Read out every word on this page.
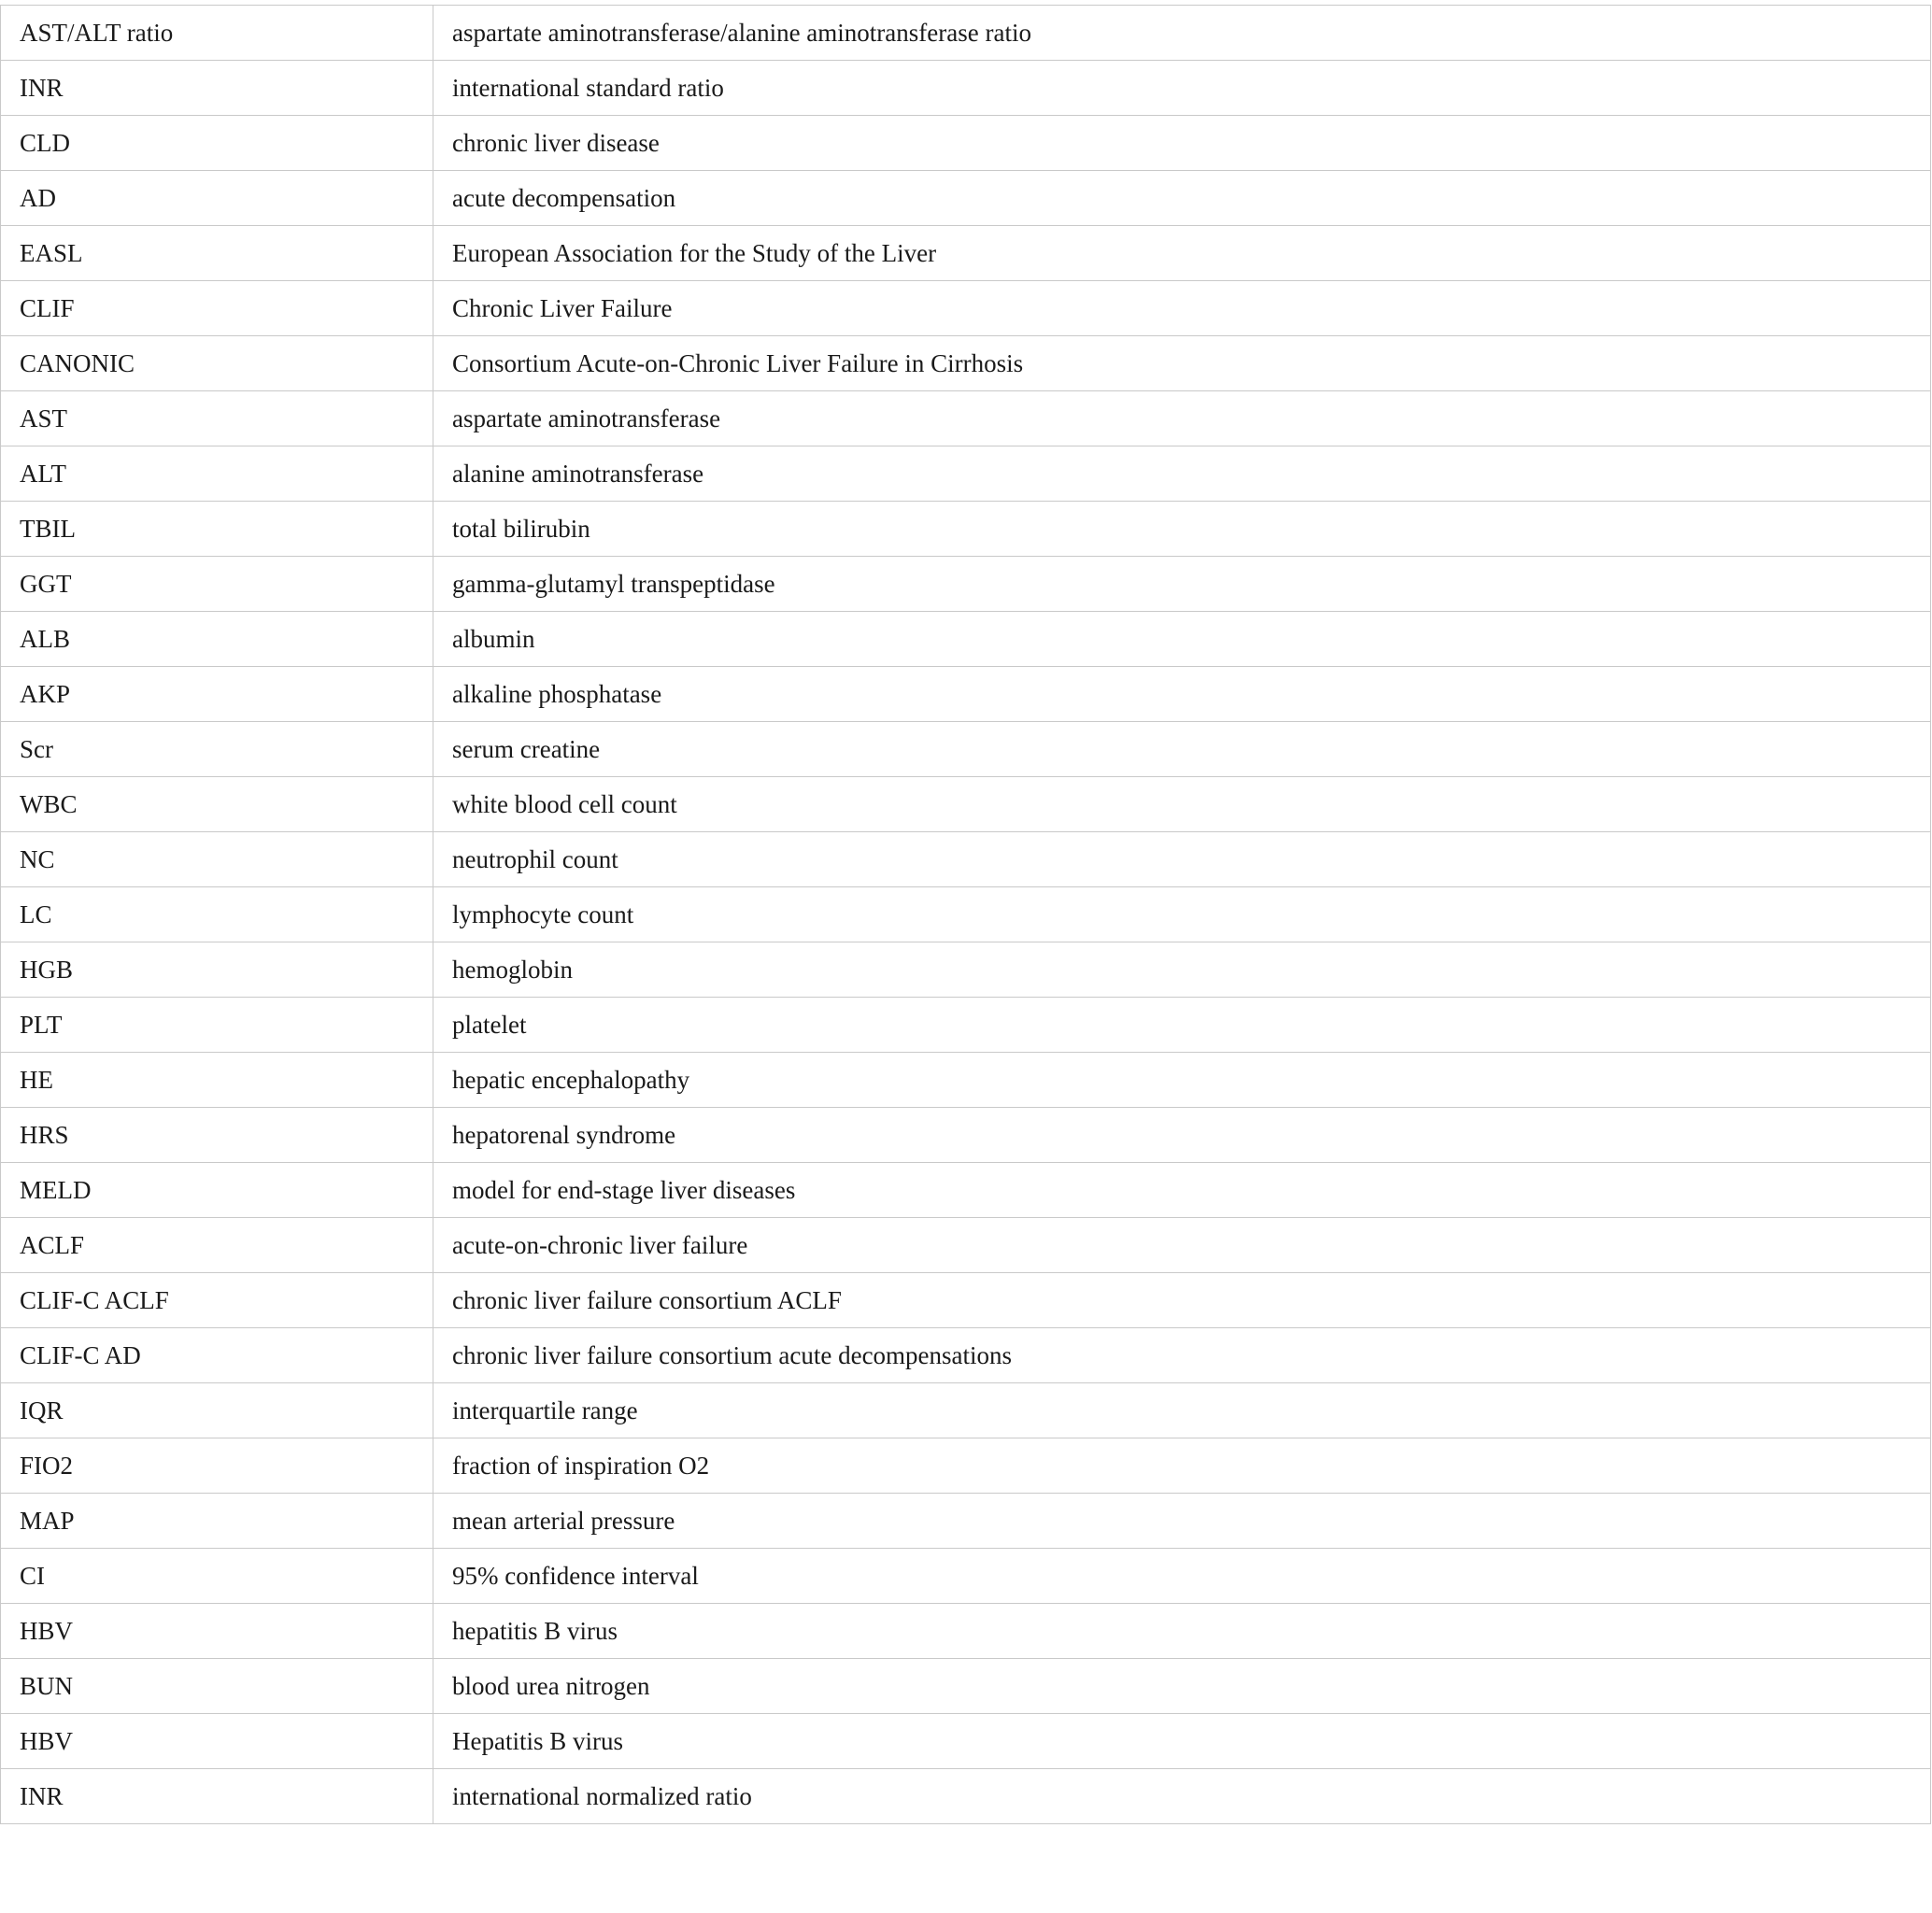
AST/ALT ratio	aspartate aminotransferase/alanine aminotransferase ratio
INR	international standard ratio
CLD	chronic liver disease
AD	acute decompensation
EASL	European Association for the Study of the Liver
CLIF	Chronic Liver Failure
CANONIC	Consortium Acute-on-Chronic Liver Failure in Cirrhosis
AST	aspartate aminotransferase
ALT	alanine aminotransferase
TBIL	total bilirubin
GGT	gamma-glutamyl transpeptidase
ALB	albumin
AKP	alkaline phosphatase
Scr	serum creatine
WBC	white blood cell count
NC	neutrophil count
LC	lymphocyte count
HGB	hemoglobin
PLT	platelet
HE	hepatic encephalopathy
HRS	hepatorenal syndrome
MELD	model for end-stage liver diseases
ACLF	acute-on-chronic liver failure
CLIF-C ACLF	chronic liver failure consortium ACLF
CLIF-C AD	chronic liver failure consortium acute decompensations
IQR	interquartile range
FIO2	fraction of inspiration O2
MAP	mean arterial pressure
CI	95% confidence interval
HBV	hepatitis B virus
BUN	blood urea nitrogen
HBV	Hepatitis B virus
INR	international normalized ratio
